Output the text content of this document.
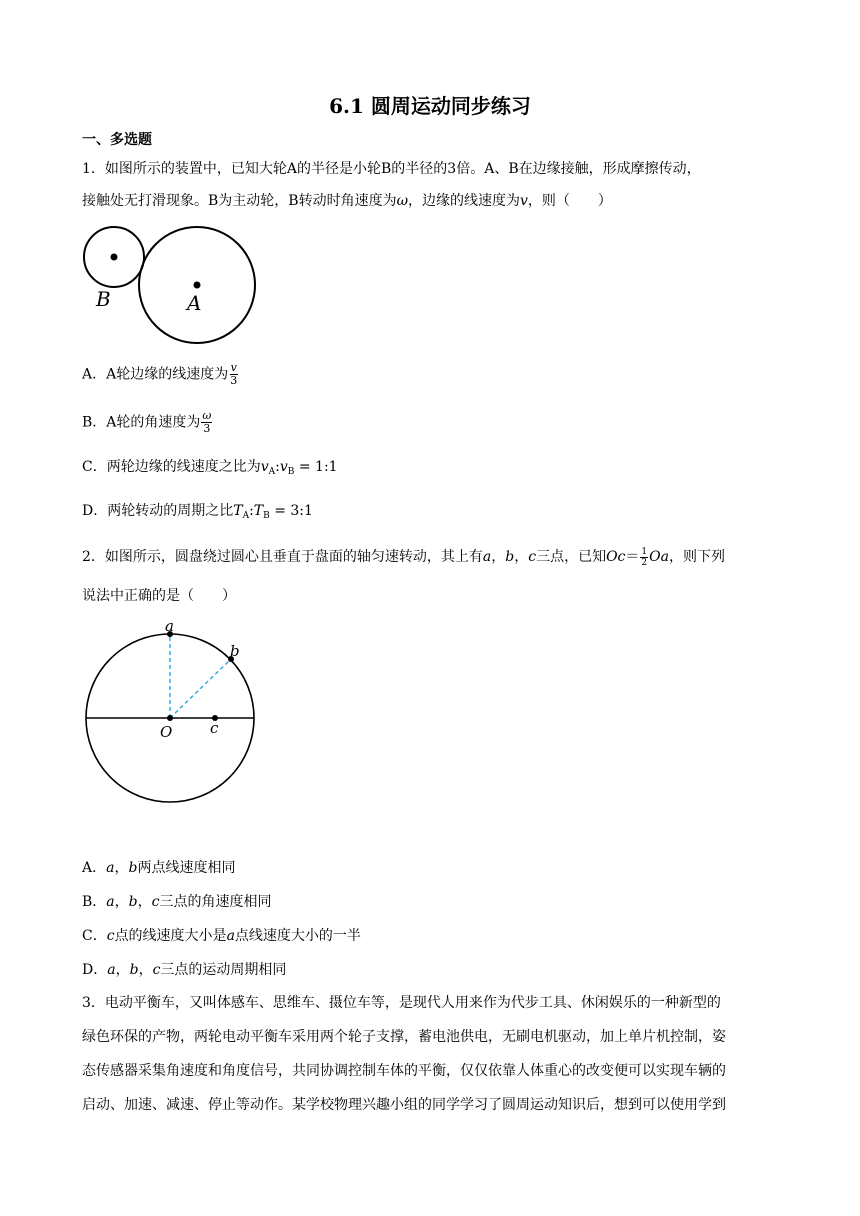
6.1 圆周运动同步练习
一、多选题
1．如图所示的装置中，已知大轮A的半径是小轮B的半径的3倍。A、B在边缘接触，形成摩擦传动，
接触处无打滑现象。B为主动轮，B转动时角速度为ω，边缘的线速度为v，则（　　）
B	A
A．A轮边缘的线速度为 $\frac{v}{3}$
B．A轮的角速度为 $\frac{\omega}{3}$
C．两轮边缘的线速度之比为$v_A:v_B$ = 1:1
D．两轮转动的周期之比$T_A:T_B$ = 3:1
2．如图所示，圆盘绕过圆心且垂直于盘面的轴匀速转动，其上有a，b，c三点，已知$Oc= \frac{1}{2}$ Oa，则下列
说法中正确的是（　　）
a
b
O	c
A．a，b两点线速度相同
B．a，b，c三点的角速度相同
C．c点的线速度大小是a点线速度大小的一半
D．a，b，c三点的运动周期相同
3．电动平衡车，又叫体感车、思维车、摄位车等，是现代人用来作为代步工具、休闲娱乐的一种新型的
绿色环保的产物，两轮电动平衡车采用两个轮子支撑，蓄电池供电，无刷电机驱动，加上单片机控制，姿
态传感器采集角速度和角度信号，共同协调控制车体的平衡，仅仅依靠人体重心的改变便可以实现车辆的
启动、加速、减速、停止等动作。某学校物理兴趣小组的同学学习了圆周运动知识后，想到可以使用学到
